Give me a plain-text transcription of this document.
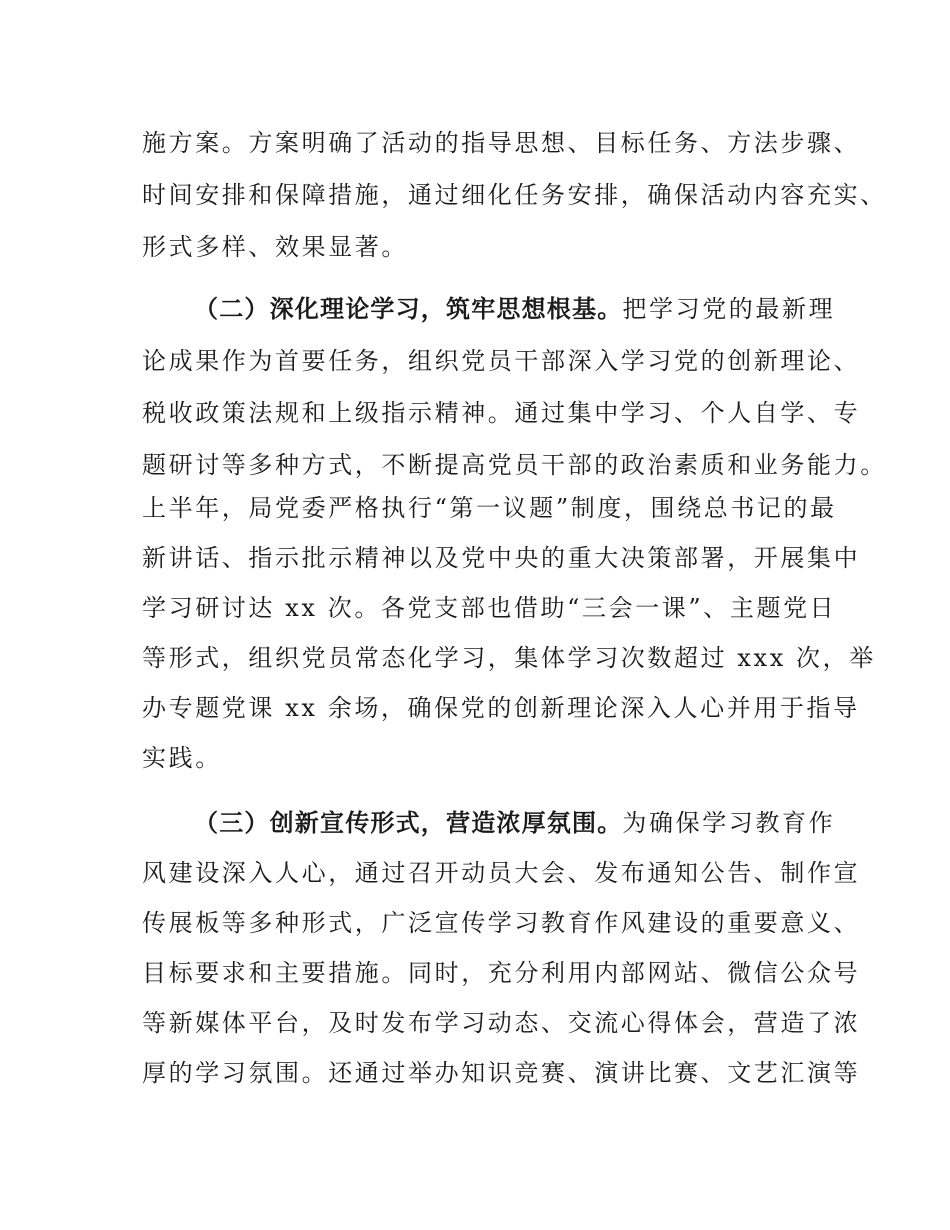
施方案。方案明确了活动的指导思想、目标任务、方法步骤、
时间安排和保障措施，通过细化任务安排，确保活动内容充实、
形式多样、效果显著。
（二）深化理论学习，筑牢思想根基。把学习党的最新理
论成果作为首要任务，组织党员干部深入学习党的创新理论、
税收政策法规和上级指示精神。通过集中学习、个人自学、专
题研讨等多种方式，不断提高党员干部的政治素质和业务能力。
上半年，局党委严格执行“第一议题”制度，围绕总书记的最
新讲话、指示批示精神以及党中央的重大决策部署，开展集中
学习研讨达 xx 次。各党支部也借助“三会一课”、主题党日
等形式，组织党员常态化学习，集体学习次数超过 xxx 次，举
办专题党课 xx 余场，确保党的创新理论深入人心并用于指导
实践。
（三）创新宣传形式，营造浓厚氛围。为确保学习教育作
风建设深入人心，通过召开动员大会、发布通知公告、制作宣
传展板等多种形式，广泛宣传学习教育作风建设的重要意义、
目标要求和主要措施。同时，充分利用内部网站、微信公众号
等新媒体平台，及时发布学习动态、交流心得体会，营造了浓
厚的学习氛围。还通过举办知识竞赛、演讲比赛、文艺汇演等
